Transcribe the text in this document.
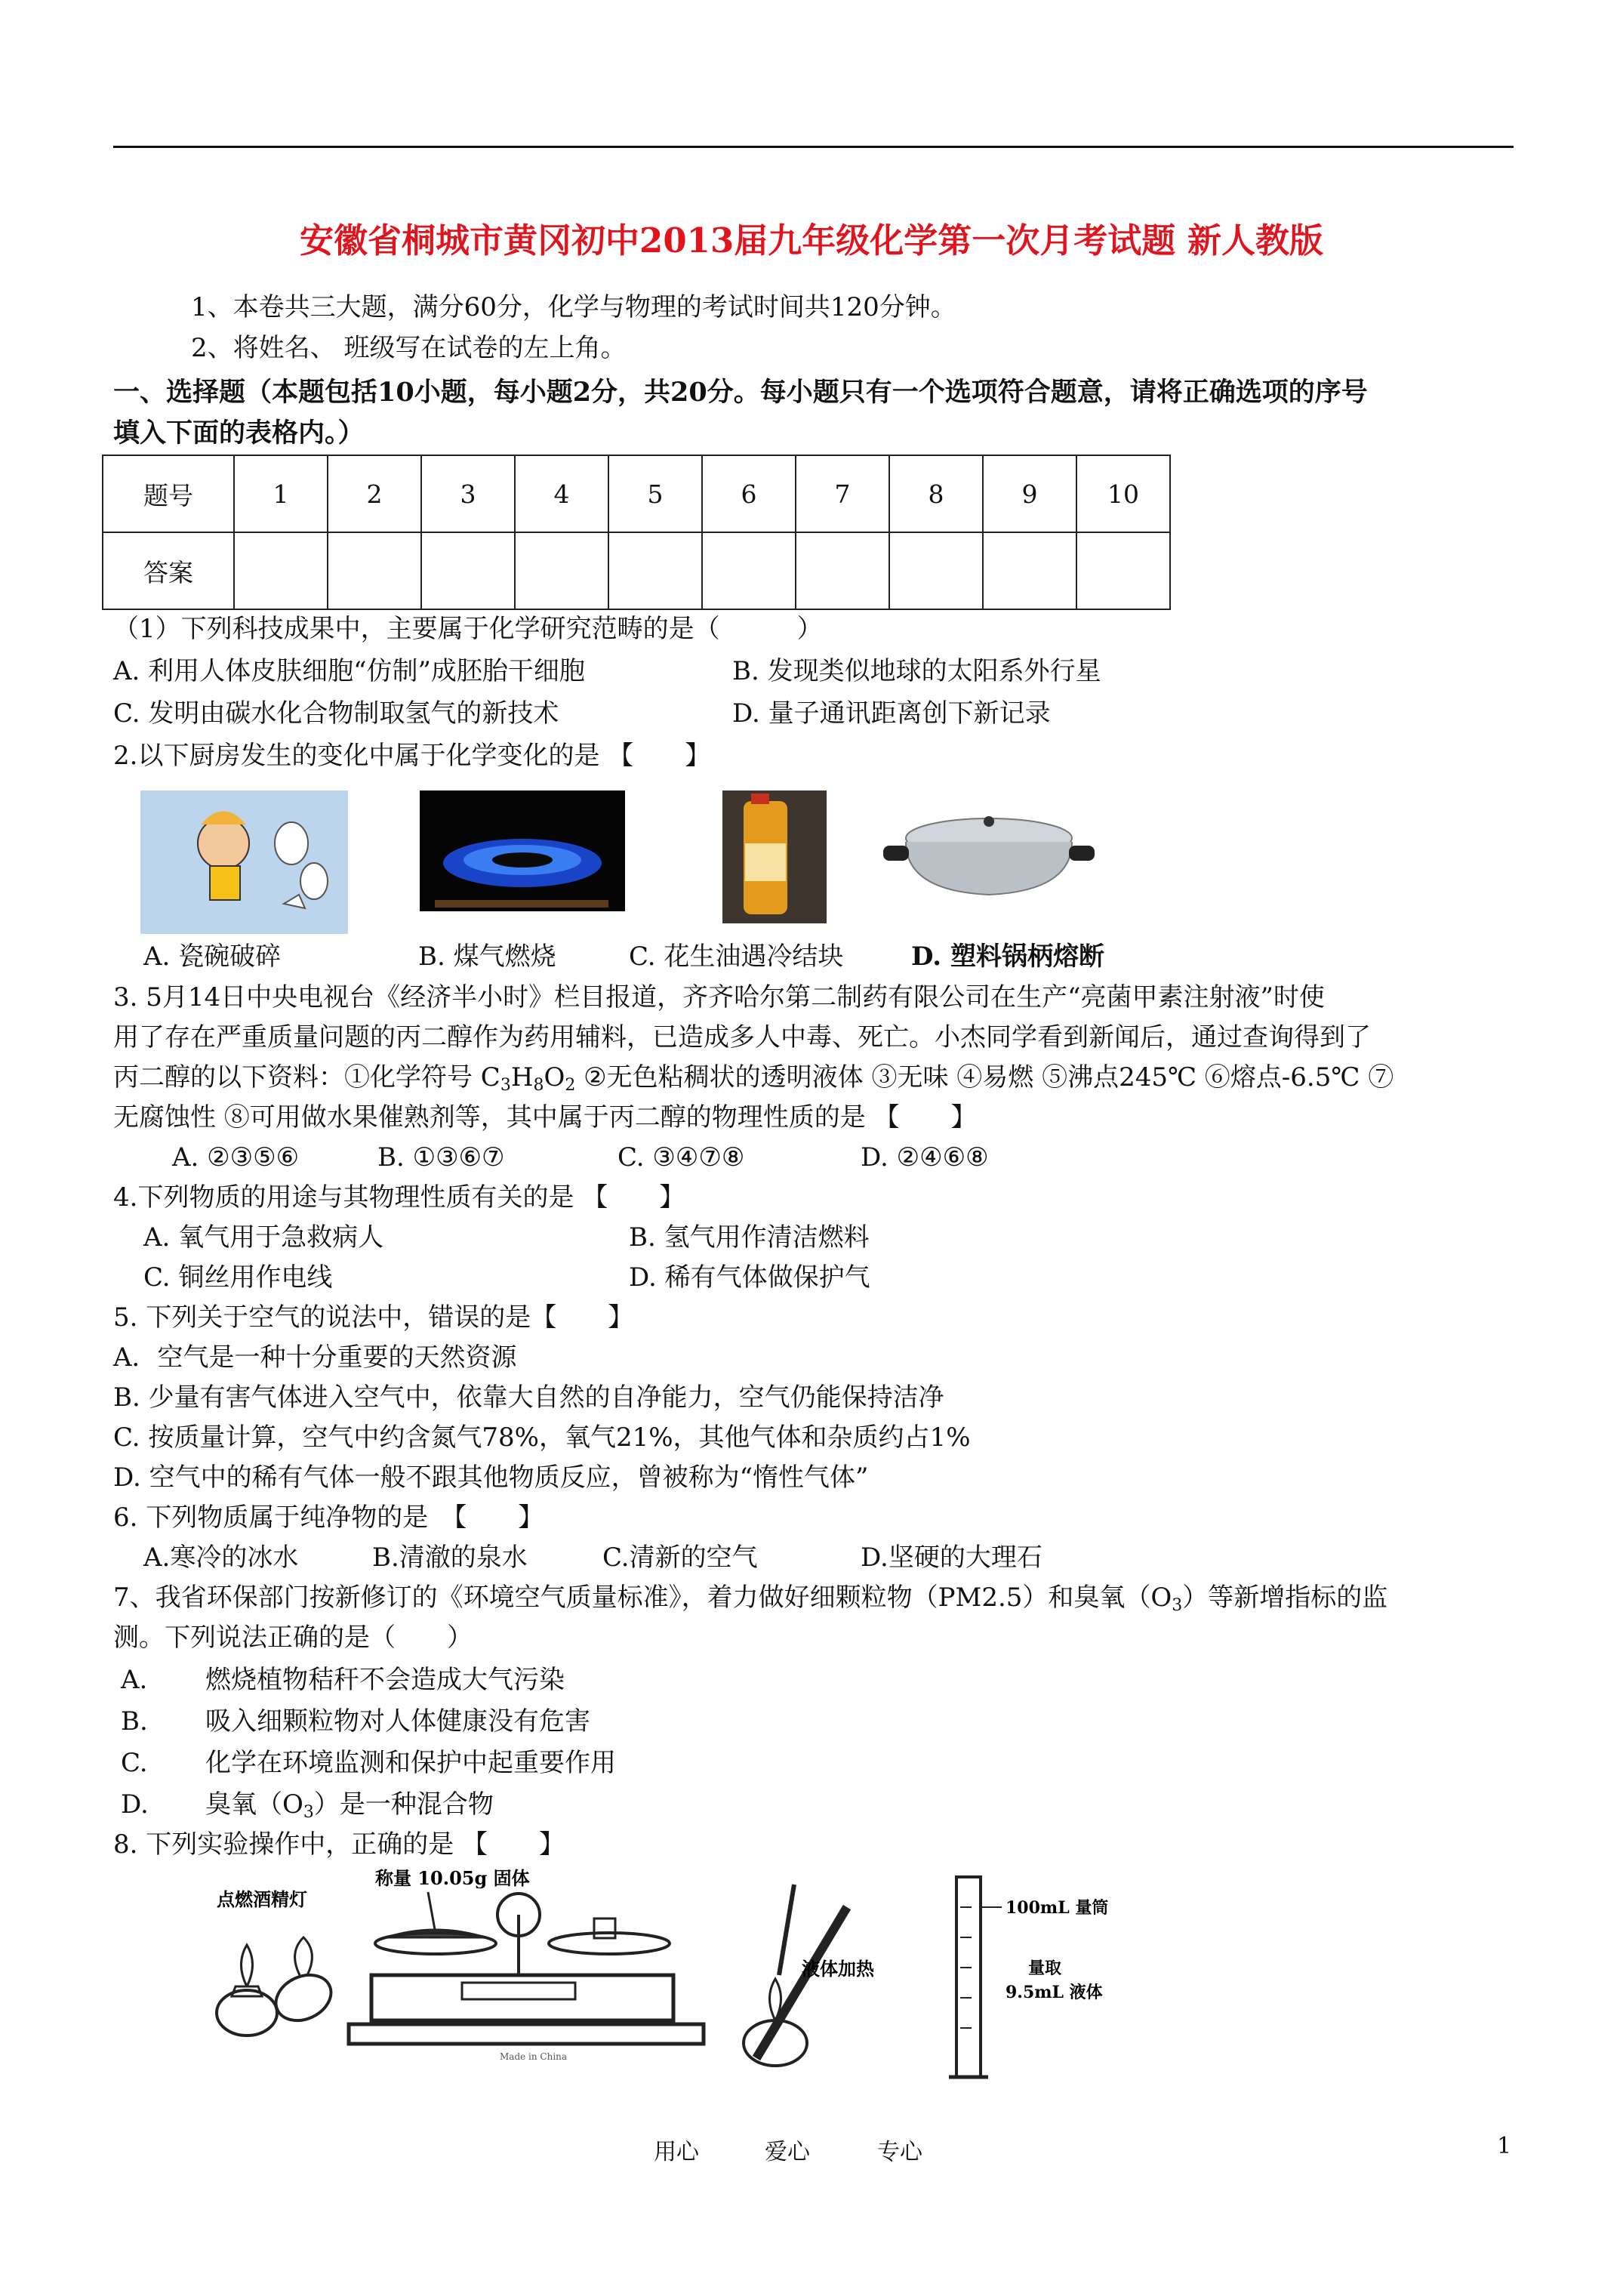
安徽省桐城市黄冈初中2013届九年级化学第一次月考试题 新人教版
1、本卷共三大题，满分60分，化学与物理的考试时间共120分钟。
2、将姓名、 班级写在试卷的左上角。
一、选择题（本题包括10小题，每小题2分，共20分。每小题只有一个选项符合题意，请将正确选项的序号
填入下面的表格内。）
题号	1	2	3	4	5	6	7	8	9	10
答案										
（1）下列科技成果中，主要属于化学研究范畴的是（　　　）
A. 利用人体皮肤细胞“仿制”成胚胎干细胞	B. 发现类似地球的太阳系外行星
C. 发明由碳水化合物制取氢气的新技术	D. 量子通讯距离创下新记录
2.以下厨房发生的变化中属于化学变化的是 【　　】
A. 瓷碗破碎	B. 煤气燃烧	C. 花生油遇冷结块	D. 塑料锅柄熔断
3. 5月14日中央电视台《经济半小时》栏目报道，齐齐哈尔第二制药有限公司在生产“亮菌甲素注射液”时使
用了存在严重质量问题的丙二醇作为药用辅料，已造成多人中毒、死亡。小杰同学看到新闻后，通过查询得到了
丙二醇的以下资料：①化学符号 $C_3H_8O_2$ ②无色粘稠状的透明液体 ③无味 ④易燃 ⑤沸点245℃ ⑥熔点-6.5℃ ⑦
无腐蚀性 ⑧可用做水果催熟剂等，其中属于丙二醇的物理性质的是 【　　】
A. ②③⑤⑥	B. ①③⑥⑦	C. ③④⑦⑧	D. ②④⑥⑧
4.下列物质的用途与其物理性质有关的是 【　　】
A. 氧气用于急救病人	B. 氢气用作清洁燃料
C. 铜丝用作电线	D. 稀有气体做保护气
5. 下列关于空气的说法中，错误的是【　　】
A．空气是一种十分重要的天然资源
B. 少量有害气体进入空气中，依靠大自然的自净能力，空气仍能保持洁净
C. 按质量计算，空气中约含氮气78%，氧气21%，其他气体和杂质约占1%
D. 空气中的稀有气体一般不跟其他物质反应，曾被称为“惰性气体”
6. 下列物质属于纯净物的是　【　　】
A.寒冷的冰水	B.清澈的泉水	C.清新的空气	D.坚硬的大理石
7、我省环保部门按新修订的《环境空气质量标准》，着力做好细颗粒物（PM2.5）和臭氧$(O_3)$等新增指标的监
测。下列说法正确的是（　　）
A. 燃烧植物秸秆不会造成大气污染
B. 吸入细颗粒物对人体健康没有危害
C. 化学在环境监测和保护中起重要作用
D. 臭氧$(O_3)$是一种混合物
8. 下列实验操作中，正确的是 【　　】
点燃酒精灯
称量 10.05g 固体
Made in China
液体加热
100mL 量筒
量取
9.5mL 液体
用心	爱心	专心	1
